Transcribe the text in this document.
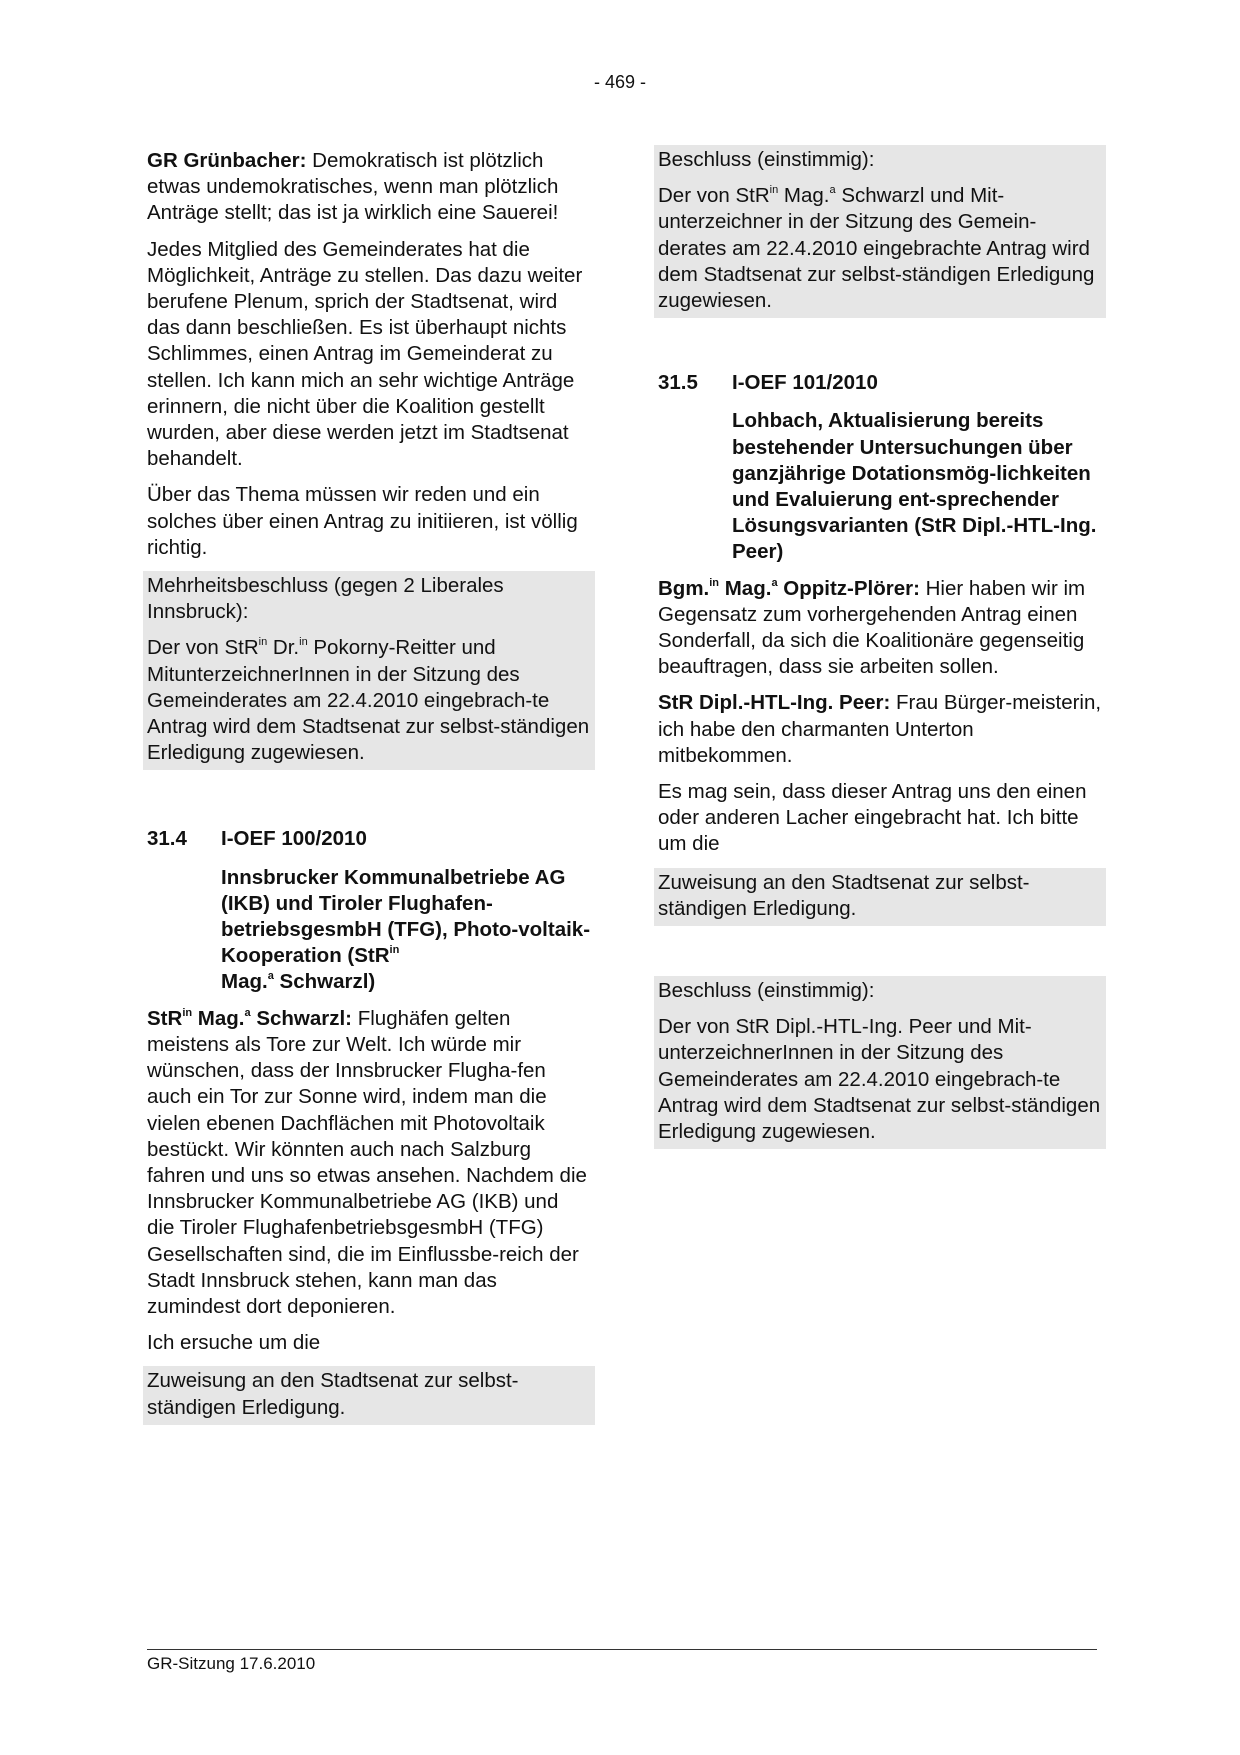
- 469 -

GR Grünbacher: Demokratisch ist plötzlich etwas undemokratisches, wenn man plötzlich Anträge stellt; das ist ja wirklich eine Sauerei!

Jedes Mitglied des Gemeinderates hat die Möglichkeit, Anträge zu stellen. Das dazu weiter berufene Plenum, sprich der Stadtsenat, wird das dann beschließen. Es ist überhaupt nichts Schlimmes, einen Antrag im Gemeinderat zu stellen. Ich kann mich an sehr wichtige Anträge erinnern, die nicht über die Koalition gestellt wurden, aber diese werden jetzt im Stadtsenat behandelt.

Über das Thema müssen wir reden und ein solches über einen Antrag zu initiieren, ist völlig richtig.

Mehrheitsbeschluss (gegen 2 Liberales Innsbruck):

Der von StR$^{in}$ Dr.$^{in}$ Pokorny-Reitter und MitunterzeichnerInnen in der Sitzung des Gemeinderates am 22.4.2010 eingebrach-te Antrag wird dem Stadtsenat zur selbst-ständigen Erledigung zugewiesen.

31.4	I-OEF 100/2010
Innsbrucker Kommunalbetriebe AG (IKB) und Tiroler Flughafen-betriebsgesmbH (TFG), Photo-voltaik-Kooperation (StR$^{in}$
Mag.$^a$ Schwarzl)

StR$^{in}$ Mag.$^a$ Schwarzl: Flughäfen gelten meistens als Tore zur Welt. Ich würde mir wünschen, dass der Innsbrucker Flugha-fen auch ein Tor zur Sonne wird, indem man die vielen ebenen Dachflächen mit Photovoltaik bestückt. Wir könnten auch nach Salzburg fahren und uns so etwas ansehen. Nachdem die Innsbrucker Kommunalbetriebe AG (IKB) und die Tiroler FlughafenbetriebsgesmbH (TFG) Gesellschaften sind, die im Einflussbe-reich der Stadt Innsbruck stehen, kann man das zumindest dort deponieren.

Ich ersuche um die

Zuweisung an den Stadtsenat zur selbst-ständigen Erledigung.

Beschluss (einstimmig):

Der von StR$^{in}$ Mag.$^a$ Schwarzl und Mit-unterzeichner in der Sitzung des Gemein-derates am 22.4.2010 eingebrachte Antrag wird dem Stadtsenat zur selbst-ständigen Erledigung zugewiesen.

31.5	I-OEF 101/2010
Lohbach, Aktualisierung bereits bestehender Untersuchungen über ganzjährige Dotationsmög-lichkeiten und Evaluierung ent-sprechender Lösungsvarianten (StR Dipl.-HTL-Ing. Peer)

Bgm.$^{in}$ Mag.$^a$ Oppitz-Plörer: Hier haben wir im Gegensatz zum vorhergehenden Antrag einen Sonderfall, da sich die Koalitionäre gegenseitig beauftragen, dass sie arbeiten sollen.

StR Dipl.-HTL-Ing. Peer: Frau Bürger-meisterin, ich habe den charmanten Unterton mitbekommen.

Es mag sein, dass dieser Antrag uns den einen oder anderen Lacher eingebracht hat. Ich bitte um die

Zuweisung an den Stadtsenat zur selbst-ständigen Erledigung.

Beschluss (einstimmig):

Der von StR Dipl.-HTL-Ing. Peer und Mit-unterzeichnerInnen in der Sitzung des Gemeinderates am 22.4.2010 eingebrach-te Antrag wird dem Stadtsenat zur selbst-ständigen Erledigung zugewiesen.

GR-Sitzung 17.6.2010
